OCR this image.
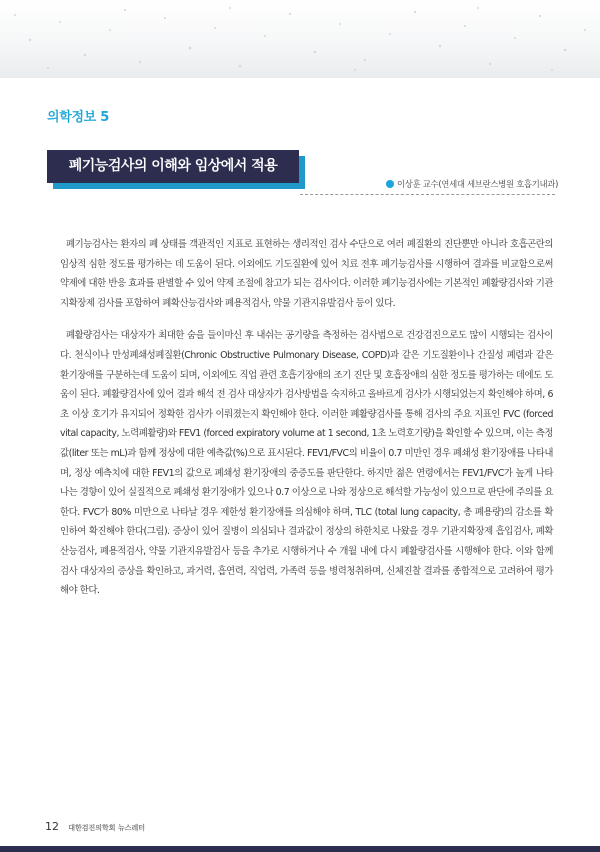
의학정보 5
폐기능검사의 이해와 임상에서 적용
이상훈 교수(연세대 세브란스병원 호흡기내과)

폐기능검사는 환자의 폐 상태를 객관적인 지표로 표현하는 생리적인 검사 수단으로 여러 폐질환의 진단뿐만 아니라 호흡곤란의 임상적 심한 정도를 평가하는 데 도움이 된다. 이외에도 기도질환에 있어 치료 전후 폐기능검사를 시행하여 결과를 비교함으로써 약제에 대한 반응 효과를 판별할 수 있어 약제 조절에 참고가 되는 검사이다. 이러한 폐기능검사에는 기본적인 폐활량검사와 기관지확장제 검사를 포함하여 폐확산능검사와 폐용적검사, 약물 기관지유발검사 등이 있다.

폐활량검사는 대상자가 최대한 숨을 들이마신 후 내쉬는 공기량을 측정하는 검사법으로 건강검진으로도 많이 시행되는 검사이다. 천식이나 만성폐쇄성폐질환(Chronic Obstructive Pulmonary Disease, COPD)과 같은 기도질환이나 간질성 폐렴과 같은 환기장애를 구분하는데 도움이 되며, 이외에도 직업 관련 호흡기장애의 조기 진단 및 호흡장애의 심한 정도를 평가하는 데에도 도움이 된다. 폐활량검사에 있어 결과 해석 전 검사 대상자가 검사방법을 숙지하고 올바르게 검사가 시행되었는지 확인해야 하며, 6초 이상 호기가 유지되어 정확한 검사가 이뤄졌는지 확인해야 한다. 이러한 폐활량검사를 통해 검사의 주요 지표인 FVC (forced vital capacity, 노력폐활량)와 FEV1 (forced expiratory volume at 1 second, 1초 노력호기량)을 확인할 수 있으며, 이는 측정값(liter 또는 mL)과 함께 정상에 대한 예측값(%)으로 표시된다. FEV1/FVC의 비율이 0.7 미만인 경우 폐쇄성 환기장애를 나타내며, 정상 예측치에 대한 FEV1의 값으로 폐쇄성 환기장애의 중증도를 판단한다. 하지만 젊은 연령에서는 FEV1/FVC가 높게 나타나는 경향이 있어 실질적으로 폐쇄성 환기장애가 있으나 0.7 이상으로 나와 정상으로 해석할 가능성이 있으므로 판단에 주의를 요한다. FVC가 80% 미만으로 나타날 경우 제한성 환기장애를 의심해야 하며, TLC (total lung capacity, 총 폐용량)의 감소를 확인하여 확진해야 한다(그림). 증상이 있어 질병이 의심되나 결과값이 정상의 하한치로 나왔을 경우 기관지확장제 흡입검사, 폐확산능검사, 폐용적검사, 약물 기관지유발검사 등을 추가로 시행하거나 수 개월 내에 다시 폐활량검사를 시행해야 한다. 이와 함께 검사 대상자의 증상을 확인하고, 과거력, 흡연력, 직업력, 가족력 등을 병력청취하며, 신체진찰 결과를 종합적으로 고려하여 평가해야 한다.

12 대한검진의학회 뉴스레터
